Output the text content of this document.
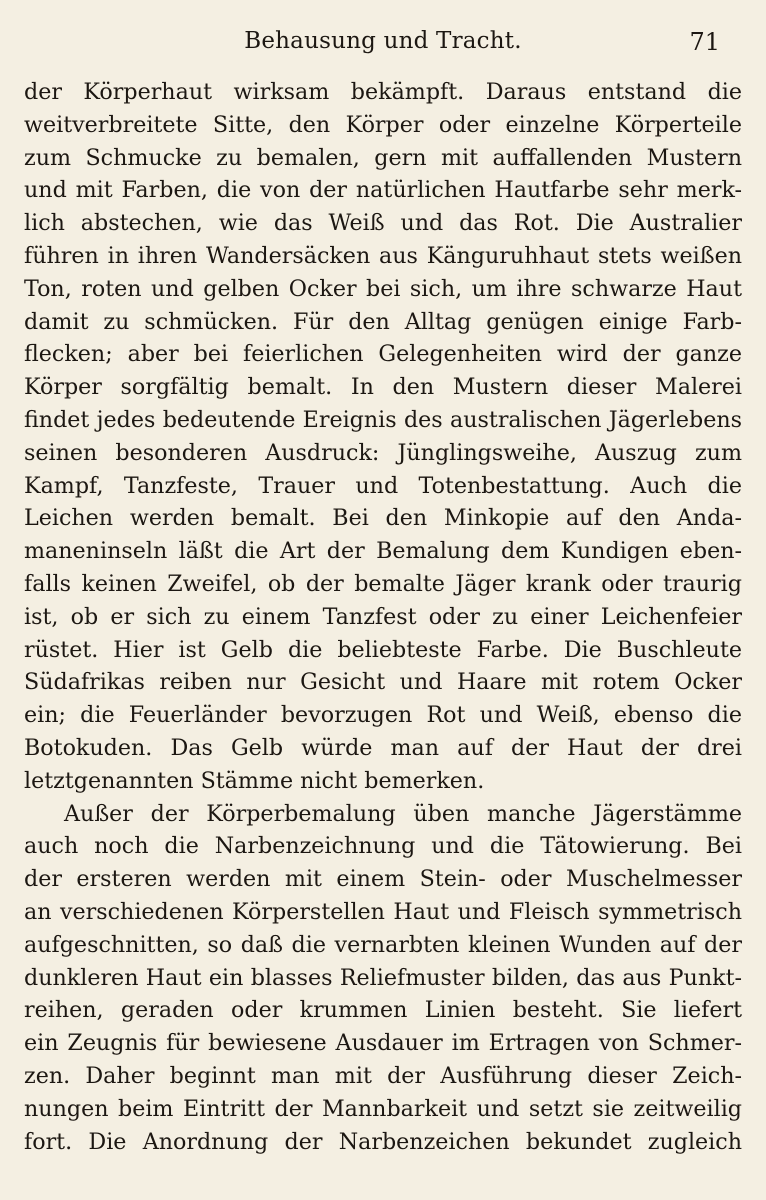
Behausung und Tracht.	71
der Körperhaut wirksam bekämpft. Daraus entstand die
weitverbreitete Sitte, den Körper oder einzelne Körperteile
zum Schmucke zu bemalen, gern mit auffallenden Mustern
und mit Farben, die von der natürlichen Hautfarbe sehr merk-
lich abstechen, wie das Weiß und das Rot. Die Australier
führen in ihren Wandersäcken aus Känguruhhaut stets weißen
Ton, roten und gelben Ocker bei sich, um ihre schwarze Haut
damit zu schmücken. Für den Alltag genügen einige Farb-
flecken; aber bei feierlichen Gelegenheiten wird der ganze
Körper sorgfältig bemalt. In den Mustern dieser Malerei
findet jedes bedeutende Ereignis des australischen Jägerlebens
seinen besonderen Ausdruck: Jünglingsweihe, Auszug zum
Kampf, Tanzfeste, Trauer und Totenbestattung. Auch die
Leichen werden bemalt. Bei den Minkopie auf den Anda-
maneninseln läßt die Art der Bemalung dem Kundigen eben-
falls keinen Zweifel, ob der bemalte Jäger krank oder traurig
ist, ob er sich zu einem Tanzfest oder zu einer Leichenfeier
rüstet. Hier ist Gelb die beliebteste Farbe. Die Buschleute
Südafrikas reiben nur Gesicht und Haare mit rotem Ocker
ein; die Feuerländer bevorzugen Rot und Weiß, ebenso die
Botokuden. Das Gelb würde man auf der Haut der drei
letztgenannten Stämme nicht bemerken.
Außer der Körperbemalung üben manche Jägerstämme
auch noch die Narbenzeichnung und die Tätowierung. Bei
der ersteren werden mit einem Stein- oder Muschelmesser
an verschiedenen Körperstellen Haut und Fleisch symmetrisch
aufgeschnitten, so daß die vernarbten kleinen Wunden auf der
dunkleren Haut ein blasses Reliefmuster bilden, das aus Punkt-
reihen, geraden oder krummen Linien besteht. Sie liefert
ein Zeugnis für bewiesene Ausdauer im Ertragen von Schmer-
zen. Daher beginnt man mit der Ausführung dieser Zeich-
nungen beim Eintritt der Mannbarkeit und setzt sie zeitweilig
fort. Die Anordnung der Narbenzeichen bekundet zugleich
